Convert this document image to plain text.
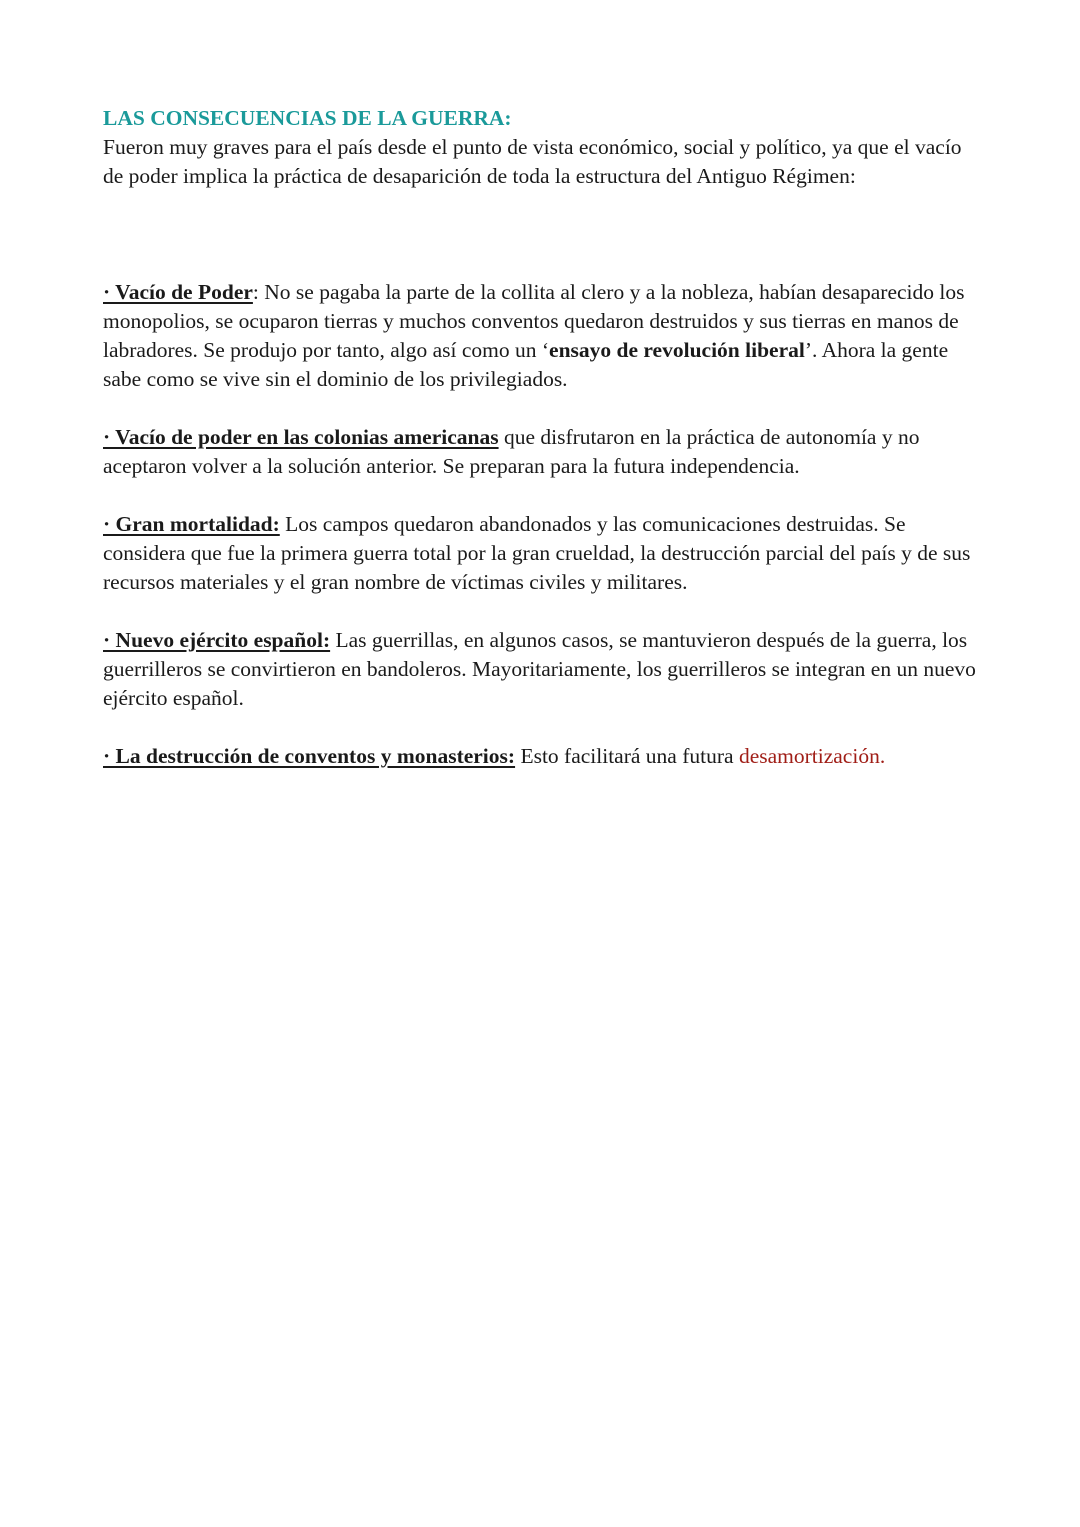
LAS CONSECUENCIAS DE LA GUERRA:

Fueron muy graves para el país desde el punto de vista económico, social y político, ya que el vacío de poder implica la práctica de desaparición de toda la estructura del Antiguo Régimen:

· Vacío de Poder: No se pagaba la parte de la collita al clero y a la nobleza, habían desaparecido los monopolios, se ocuparon tierras y muchos conventos quedaron destruidos y sus tierras en manos de labradores. Se produjo por tanto, algo así como un ‘ensayo de revolución liberal’. Ahora la gente sabe como se vive sin el dominio de los privilegiados.

· Vacío de poder en las colonias americanas que disfrutaron en la práctica de autonomía y no aceptaron volver a la solución anterior. Se preparan para la futura independencia.

· Gran mortalidad: Los campos quedaron abandonados y las comunicaciones destruidas. Se considera que fue la primera guerra total por la gran crueldad, la destrucción parcial del país y de sus recursos materiales y el gran nombre de víctimas civiles y militares.

· Nuevo ejército español: Las guerrillas, en algunos casos, se mantuvieron después de la guerra, los guerrilleros se convirtieron en bandoleros. Mayoritariamente, los guerrilleros se integran en un nuevo ejército español.

· La destrucción de conventos y monasterios: Esto facilitará una futura desamortización.
